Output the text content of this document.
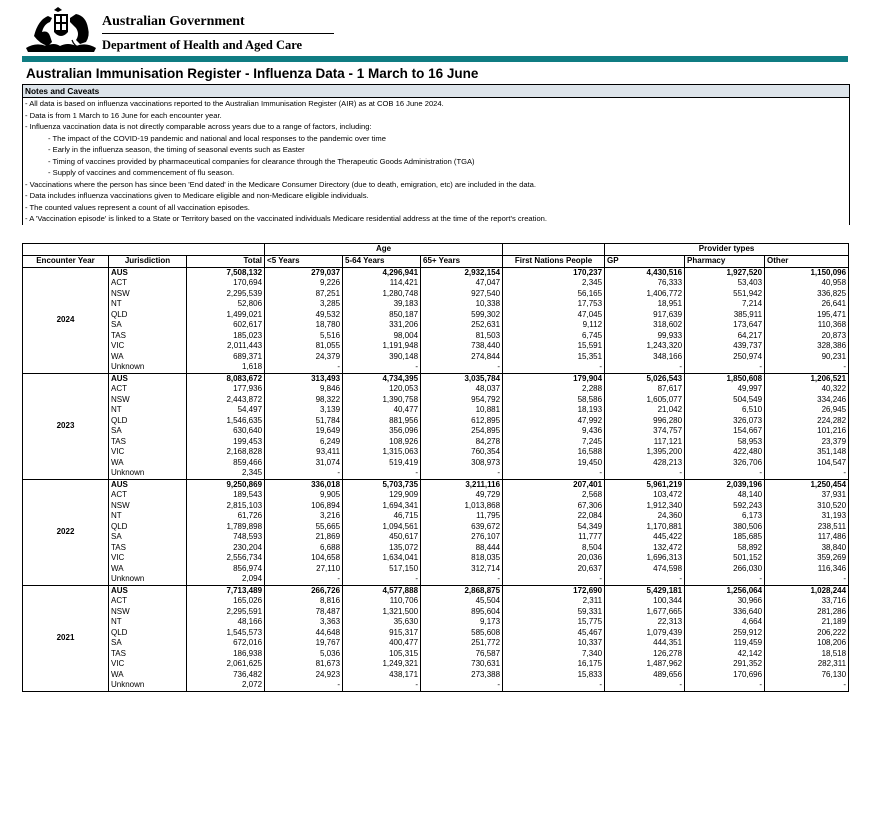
Australian Government
Department of Health and Aged Care
Australian Immunisation Register - Influenza Data - 1 March to 16 June
Notes and Caveats
- All data is based on influenza vaccinations reported to the Australian Immunisation Register (AIR) as at COB 16 June 2024.
- Data is from 1 March to 16 June for each encounter year.
- Influenza vaccination data is not directly comparable across years due to a range of factors, including:
- The impact of the COVID-19 pandemic and national and local responses to the pandemic over time
- Early in the influenza season, the timing of seasonal events such as Easter
- Timing of vaccines provided by pharmaceutical companies for clearance through the Therapeutic Goods Administration (TGA)
- Supply of vaccines and commencement of flu season.
- Vaccinations where the person has since been 'End dated' in the Medicare Consumer Directory (due to death, emigration, etc) are included in the data.
- Data includes influenza vaccinations given to Medicare eligible and non-Medicare eligible individuals.
- The counted values represent a count of all vaccination episodes.
- A 'Vaccination episode' is linked to a State or Territory based on the vaccinated individuals Medicare residential address at the time of the report's creation.
			Age				Provider types		
Encounter Year	Jurisdiction	Total	<5 Years	5-64 Years	65+ Years	First Nations People	GP	Pharmacy	Other
2024	AUS	7,508,132	279,037	4,296,941	2,932,154	170,237	4,430,516	1,927,520	1,150,096
	ACT	170,694	9,226	114,421	47,047	2,345	76,333	53,403	40,958
	NSW	2,295,539	87,251	1,280,748	927,540	56,165	1,406,772	551,942	336,825
	NT	52,806	3,285	39,183	10,338	17,753	18,951	7,214	26,641
	QLD	1,499,021	49,532	850,187	599,302	47,045	917,639	385,911	195,471
	SA	602,617	18,780	331,206	252,631	9,112	318,602	173,647	110,368
	TAS	185,023	5,516	98,004	81,503	6,745	99,933	64,217	20,873
	VIC	2,011,443	81,055	1,191,948	738,440	15,591	1,243,320	439,737	328,386
	WA	689,371	24,379	390,148	274,844	15,351	348,166	250,974	90,231
	Unknown	1,618	-	-	-	-	-	-	-
2023	AUS	8,083,672	313,493	4,734,395	3,035,784	179,904	5,026,543	1,850,608	1,206,521
	ACT	177,936	9,846	120,053	48,037	2,288	87,617	49,997	40,322
	NSW	2,443,872	98,322	1,390,758	954,792	58,586	1,605,077	504,549	334,246
	NT	54,497	3,139	40,477	10,881	18,193	21,042	6,510	26,945
	QLD	1,546,635	51,784	881,956	612,895	47,992	996,280	326,073	224,282
	SA	630,640	19,649	356,096	254,895	9,436	374,757	154,667	101,216
	TAS	199,453	6,249	108,926	84,278	7,245	117,121	58,953	23,379
	VIC	2,168,828	93,411	1,315,063	760,354	16,588	1,395,200	422,480	351,148
	WA	859,466	31,074	519,419	308,973	19,450	428,213	326,706	104,547
	Unknown	2,345	-	-	-	-	-	-	-
2022	AUS	9,250,869	336,018	5,703,735	3,211,116	207,401	5,961,219	2,039,196	1,250,454
	ACT	189,543	9,905	129,909	49,729	2,568	103,472	48,140	37,931
	NSW	2,815,103	106,894	1,694,341	1,013,868	67,306	1,912,340	592,243	310,520
	NT	61,726	3,216	46,715	11,795	22,084	24,360	6,173	31,193
	QLD	1,789,898	55,665	1,094,561	639,672	54,349	1,170,881	380,506	238,511
	SA	748,593	21,869	450,617	276,107	11,777	445,422	185,685	117,486
	TAS	230,204	6,688	135,072	88,444	8,504	132,472	58,892	38,840
	VIC	2,556,734	104,658	1,634,041	818,035	20,036	1,696,313	501,152	359,269
	WA	856,974	27,110	517,150	312,714	20,637	474,598	266,030	116,346
	Unknown	2,094	-	-	-	-	-	-	-
2021	AUS	7,713,489	266,726	4,577,888	2,868,875	172,690	5,429,181	1,256,064	1,028,244
	ACT	165,026	8,816	110,706	45,504	2,311	100,344	30,966	33,716
	NSW	2,295,591	78,487	1,321,500	895,604	59,331	1,677,665	336,640	281,286
	NT	48,166	3,363	35,630	9,173	15,775	22,313	4,664	21,189
	QLD	1,545,573	44,648	915,317	585,608	45,467	1,079,439	259,912	206,222
	SA	672,016	19,767	400,477	251,772	10,337	444,351	119,459	108,206
	TAS	186,938	5,036	105,315	76,587	7,340	126,278	42,142	18,518
	VIC	2,061,625	81,673	1,249,321	730,631	16,175	1,487,962	291,352	282,311
	WA	736,482	24,923	438,171	273,388	15,833	489,656	170,696	76,130
	Unknown	2,072	-	-	-	-	-	-	-
